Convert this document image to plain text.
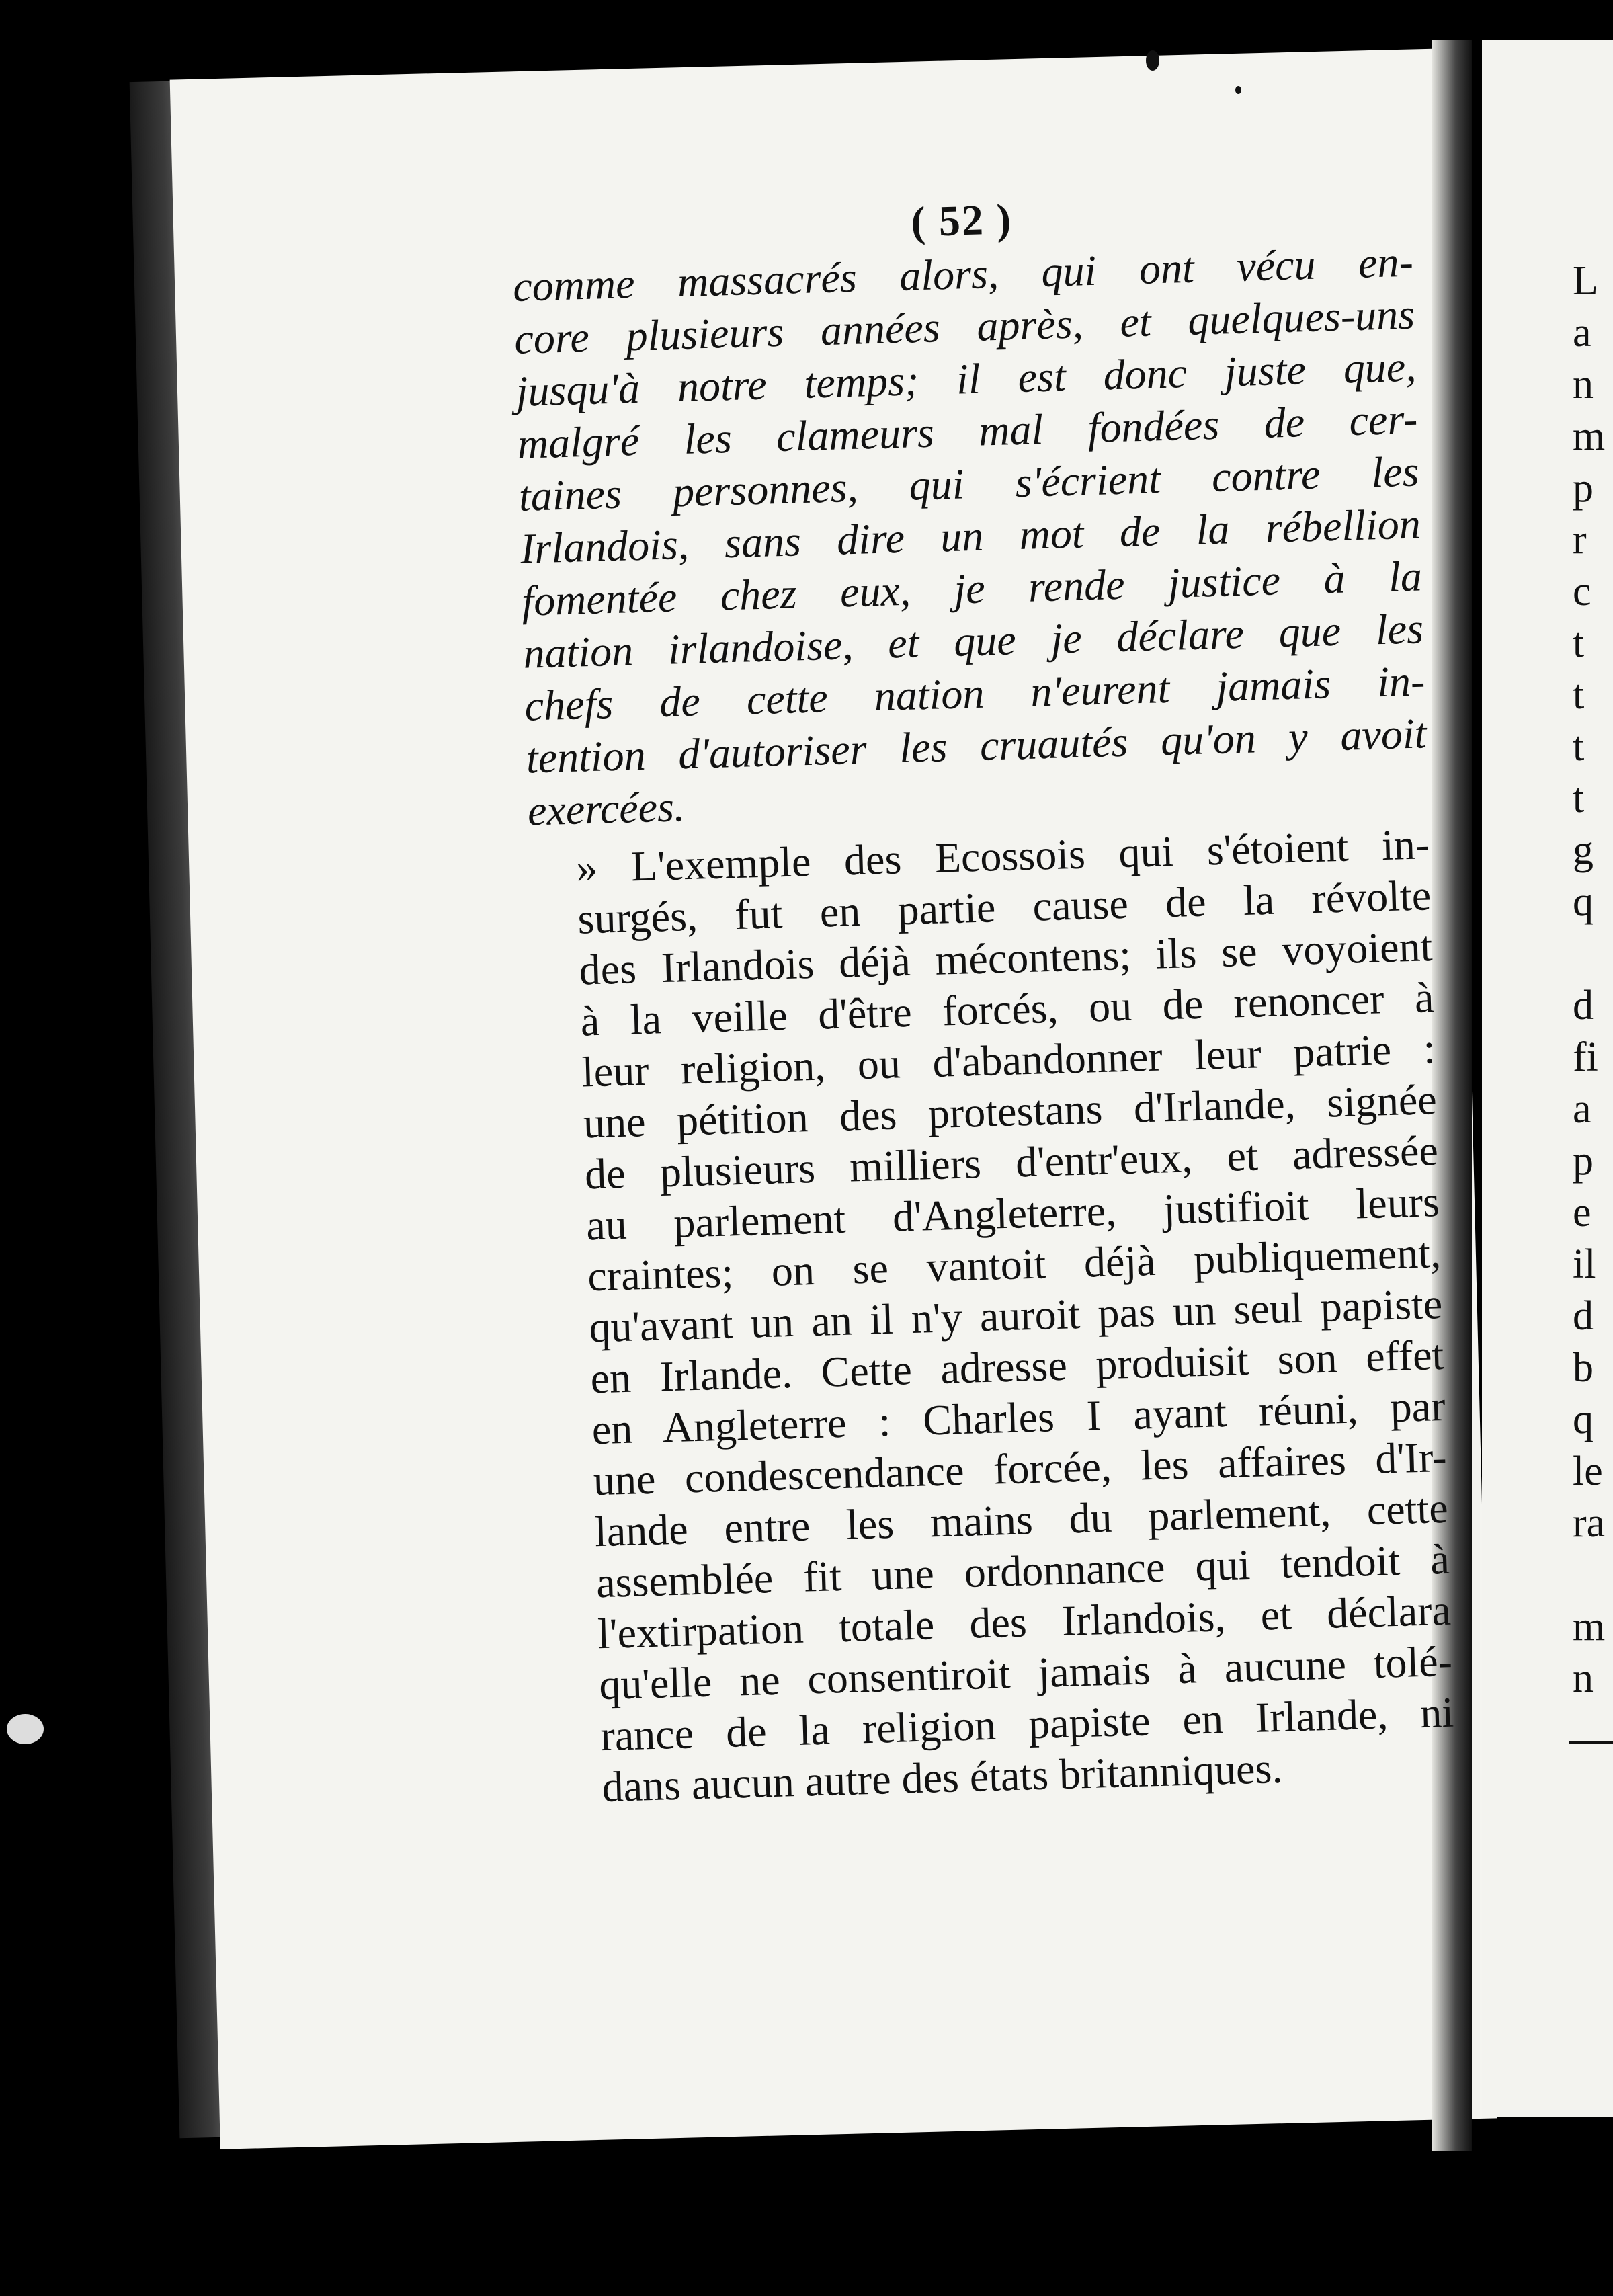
( 52 )
comme massacrés alors, qui ont vécu en-
core plusieurs années après, et quelques-uns
jusqu'à notre temps; il est donc juste que,
malgré les clameurs mal fondées de cer-
taines personnes, qui s'écrient contre les
Irlandois, sans dire un mot de la rébellion
fomentée chez eux, je rende justice à la
nation irlandoise, et que je déclare que les
chefs de cette nation n'eurent jamais in-
tention d'autoriser les cruautés qu'on y avoit
exercées.
» L'exemple des Ecossois qui s'étoient in-
surgés, fut en partie cause de la révolte
des Irlandois déjà mécontens; ils se voyoient
à la veille d'être forcés, ou de renoncer à
leur religion, ou d'abandonner leur patrie :
une pétition des protestans d'Irlande, signée
de plusieurs milliers d'entr'eux, et adressée
au parlement d'Angleterre, justifioit leurs
craintes; on se vantoit déjà publiquement,
qu'avant un an il n'y auroit pas un seul papiste
en Irlande. Cette adresse produisit son effet
en Angleterre : Charles I ayant réuni, par
une condescendance forcée, les affaires d'Ir-
lande entre les mains du parlement, cette
assemblée fit une ordonnance qui tendoit à
l'extirpation totale des Irlandois, et déclara
qu'elle ne consentiroit jamais à aucune tolé-
rance de la religion papiste en Irlande, ni
dans aucun autre des états britanniques.
L
a
n
m
p
r
c
t
t
t
t
g
q
d
fi
a
p
e
il
d
b
q
le
ra
m
n
